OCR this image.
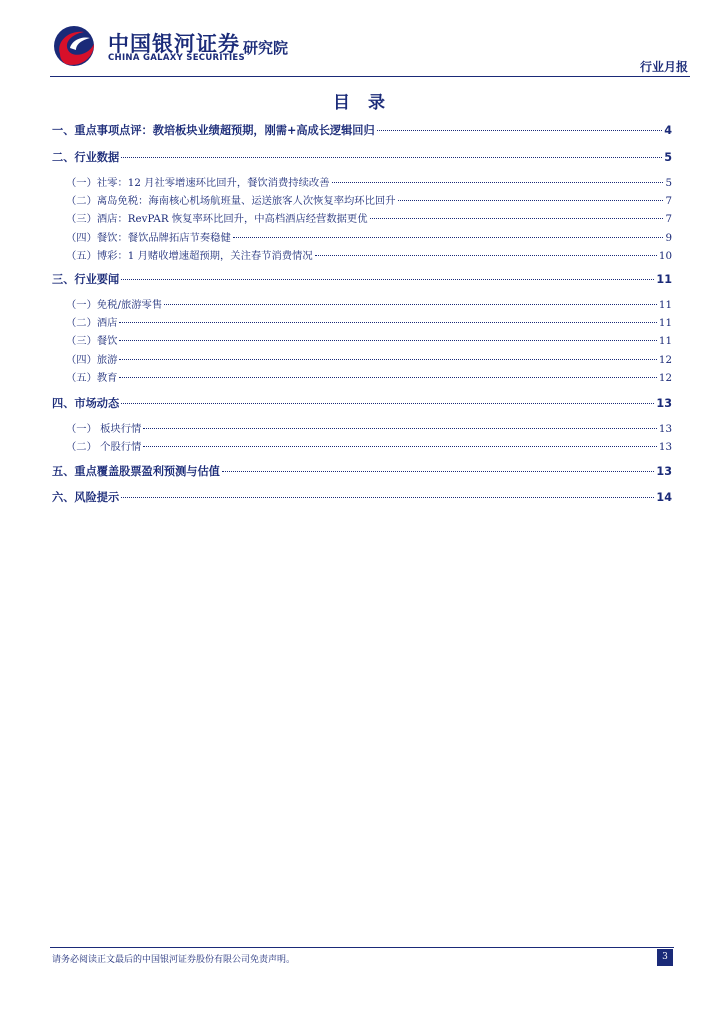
中国银河证券
CHINA GALAXY SECURITIES
研究院
行业月报
目 录
一、重点事项点评：教培板块业绩超预期，刚需+高成长逻辑回归	4
二、行业数据	5
（一）社零：12 月社零增速环比回升，餐饮消费持续改善	5
（二）离岛免税：海南核心机场航班量、运送旅客人次恢复率均环比回升	7
（三）酒店：RevPAR 恢复率环比回升，中高档酒店经营数据更优	7
（四）餐饮：餐饮品牌拓店节奏稳健	9
（五）博彩：1 月赌收增速超预期，关注春节消费情况	10
三、行业要闻	11
（一）免税/旅游零售	11
（二）酒店	11
（三）餐饮	11
（四）旅游	12
（五）教育	12
四、市场动态	13
（一） 板块行情	13
（二） 个股行情	13
五、重点覆盖股票盈利预测与估值	13
六、风险提示	14
请务必阅读正文最后的中国银河证券股份有限公司免责声明。	3
